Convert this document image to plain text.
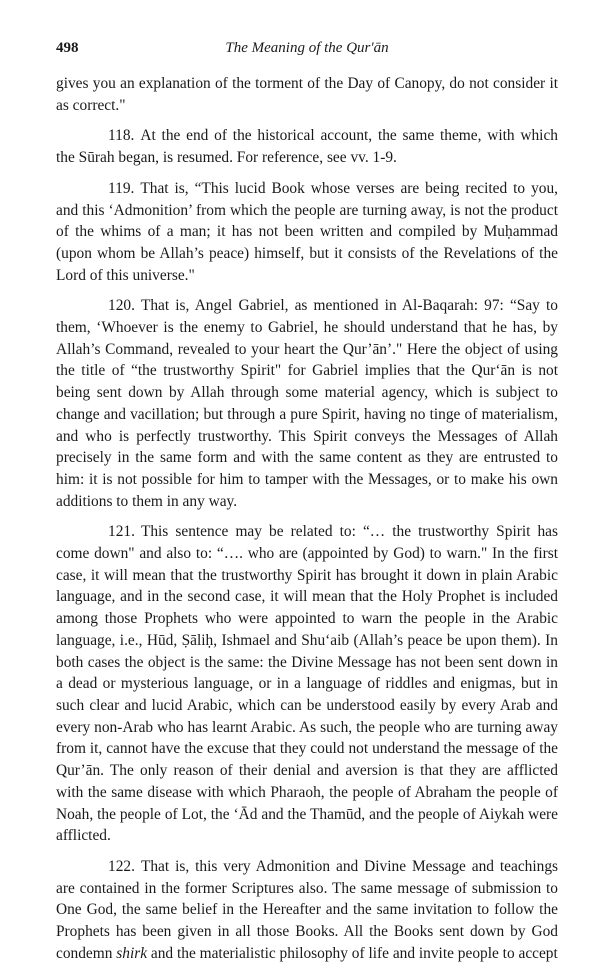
498	The Meaning of the Qur'ān

gives you an explanation of the torment of the Day of Canopy, do not consider it as correct."

118. At the end of the historical account, the same theme, with which the Sūrah began, is resumed. For reference, see vv. 1-9.

119. That is, “This lucid Book whose verses are being recited to you, and this ‘Admonition’ from which the people are turning away, is not the product of the whims of a man; it has not been written and compiled by Muḥammad (upon whom be Allah’s peace) himself, but it consists of the Revelations of the Lord of this universe."

120. That is, Angel Gabriel, as mentioned in Al-Baqarah: 97: “Say to them, ‘Whoever is the enemy to Gabriel, he should understand that he has, by Allah’s Command, revealed to your heart the Qur’ān’." Here the object of using the title of “the trustworthy Spirit" for Gabriel implies that the Qur‘ān is not being sent down by Allah through some material agency, which is subject to change and vacillation; but through a pure Spirit, having no tinge of materialism, and who is perfectly trustworthy. This Spirit conveys the Messages of Allah precisely in the same form and with the same content as they are entrusted to him: it is not possible for him to tamper with the Messages, or to make his own additions to them in any way.

121. This sentence may be related to: “… the trustworthy Spirit has come down" and also to: “…. who are (appointed by God) to warn." In the first case, it will mean that the trustworthy Spirit has brought it down in plain Arabic language, and in the second case, it will mean that the Holy Prophet is included among those Prophets who were appointed to warn the people in the Arabic language, i.e., Hūd, Ṣāliḥ, Ishmael and Shu‘aib (Allah’s peace be upon them). In both cases the object is the same: the Divine Message has not been sent down in a dead or mysterious language, or in a language of riddles and enigmas, but in such clear and lucid Arabic, which can be understood easily by every Arab and every non-Arab who has learnt Arabic. As such, the people who are turning away from it, cannot have the excuse that they could not understand the message of the Qur’ān. The only reason of their denial and aversion is that they are afflicted with the same disease with which Pharaoh, the people of Abraham the people of Noah, the people of Lot, the ‘Ād and the Thamūd, and the people of Aiykah were afflicted.

122. That is, this very Admonition and Divine Message and teachings are contained in the former Scriptures also. The same message of submission to One God, the same belief in the Hereafter and the same invitation to follow the Prophets has been given in all those Books. All the Books sent down by God condemn shirk and the materialistic philosophy of life and invite people to accept
